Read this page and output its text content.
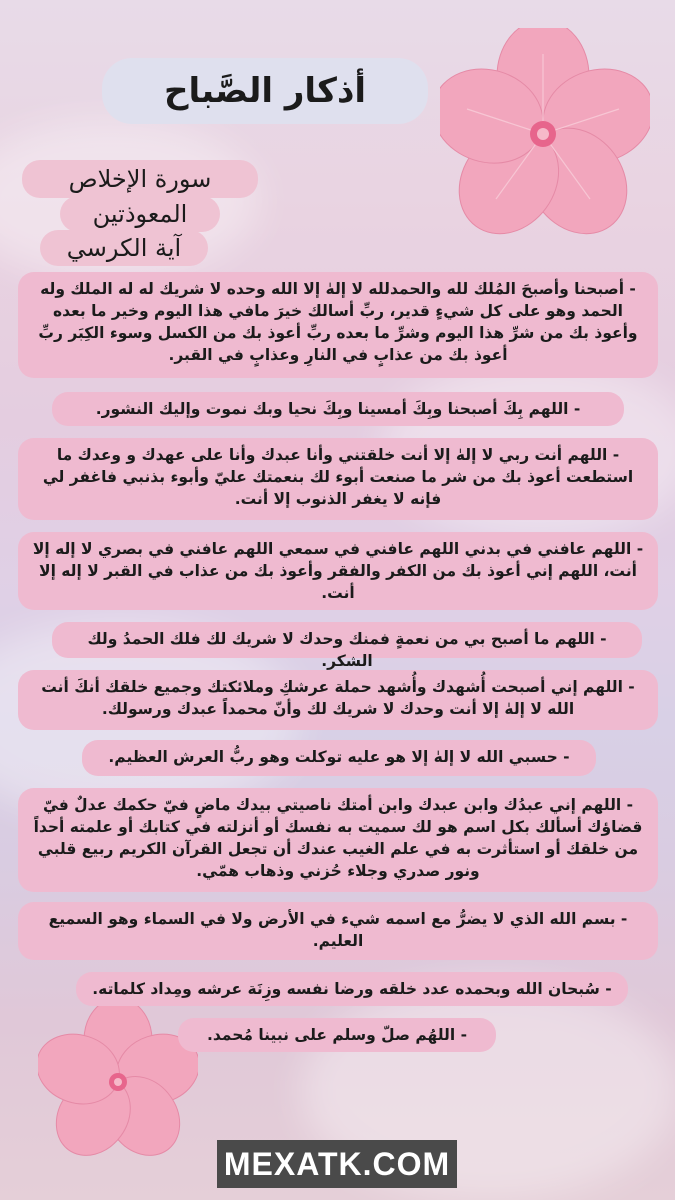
أذكار الصَّباح
سورة الإخلاص
المعوذتين
آية الكرسي
- أصبحنا وأصبحَ المُلك لله والحمدلله لا إلهٰ إلا الله وحده لا شريك له له الملك وله الحمد وهو على كل شيءٍ قدير، ربِّ أسالك خيرَ مافي هذا اليوم وخير ما بعده وأعوذ بك من شرِّ هذا اليوم وشرِّ ما بعده ربِّ أعوذ بك من الكسل وسوء الكِبَر ربِّ أعوذ بك من عذابٍ في النارِ وعذابٍ في القبر.
- اللهم بِكَ أصبحنا وبِكَ أمسينا وبِكَ نحيا وبك نموت وإليك النشور.
- اللهم أنت ربي لا إلهٰ إلا أنت خلقتني وأنا عبدك وأنا على عهدك و وعدك ما استطعت أعوذ بك من شر ما صنعت أبوء لك بنعمتك عليّ وأبوء بذنبي فاغفر لي فإنه لا يغفر الذنوب إلا أنت.
- اللهم عافني في بدني اللهم عافني في سمعي اللهم عافني في بصري لا إله إلا أنت، اللهم إني أعوذ بك من الكفر والفقر وأعوذ بك من عذاب في القبر لا إله إلا أنت.
- اللهم ما أصبح بي من نعمةٍ فمنك وحدك لا شريك لك فلك الحمدُ ولك الشكر.
- اللهم إني أصبحت أُشهدك وأُشهد حملة عرشكِ وملائكتك وجميع خلقك أنكَ أنت الله لا إلهٰ إلا أنت وحدك لا شريك لك وأنّ محمداً عبدك ورسولك.
- حسبي الله لا إلهٰ إلا هو عليه توكلت وهو ربُّ العرش العظيم.
- اللهم إني عبدُك وابن عبدك وابن أمتك ناصيتي بيدك ماضٍ فيّ حكمك عدلٌ فيّ قضاؤك أسألك بكل اسم هو لك سميت به نفسك أو أنزلته في كتابك أو علمته أحداً من خلقك أو استأثرت به في علم الغيب عندك أن تجعل القرآن الكريم ربيع قلبي ونور صدري وجلاء حُزني وذهاب همّي.
- بسم الله الذي لا يضرُّ مع اسمه شيء في الأرض ولا في السماء وهو السميع العليم.
- سُبحان الله وبحمده عدد خلقه ورضا نفسه وزِنَة عرشه ومِداد كلماته.
- اللهُم صلّ وسلم على نبينا مُحمد.
MEXATK.COM
